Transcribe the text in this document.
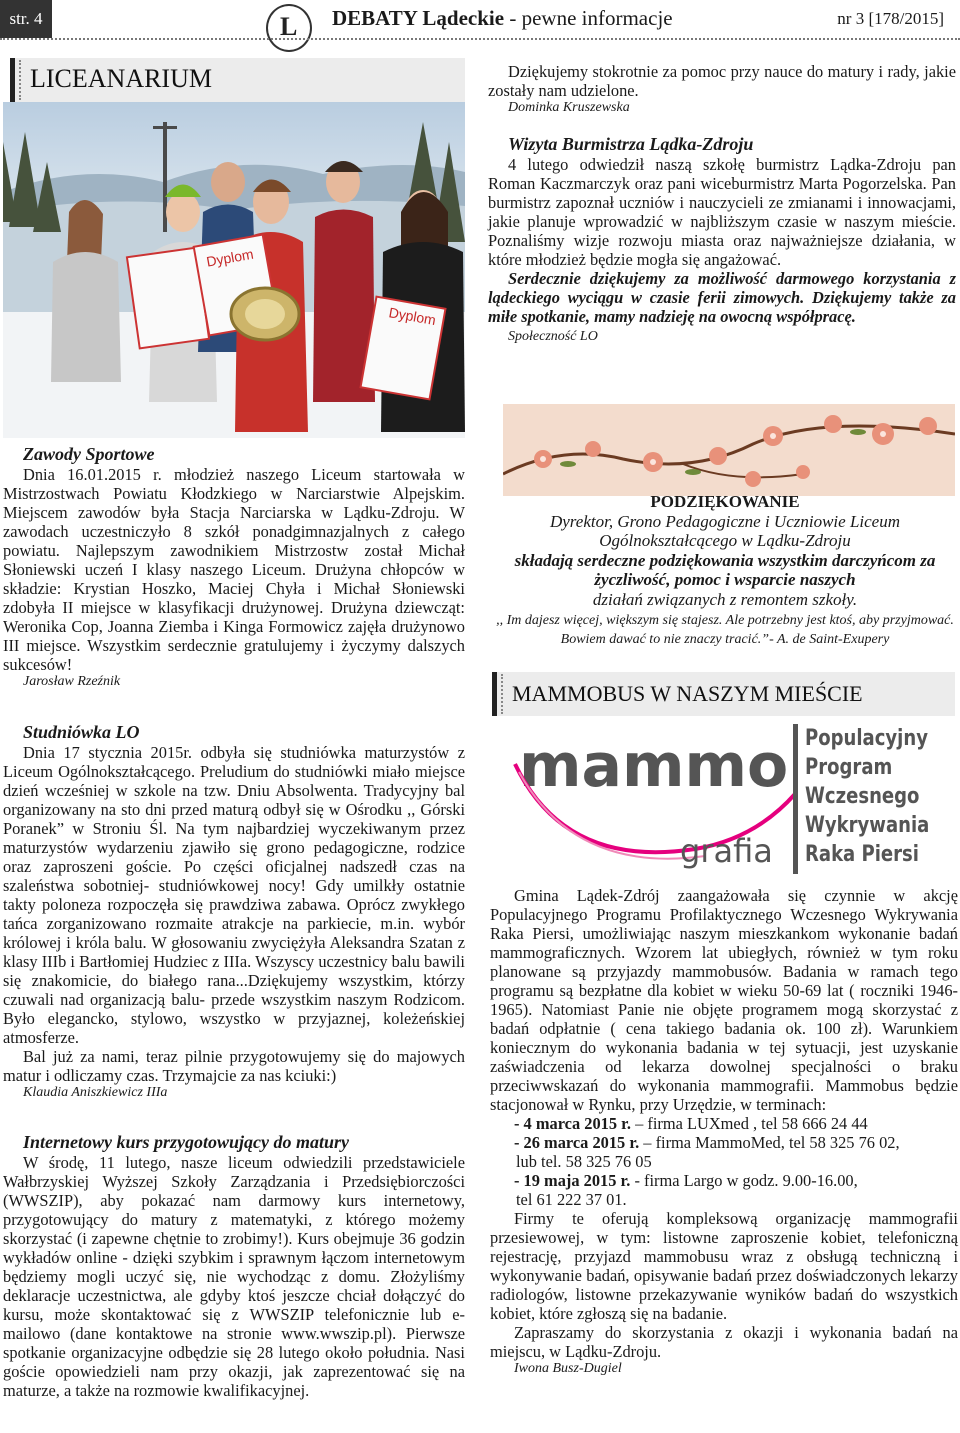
str. 4
L	DEBATY Lądeckie - pewne informacje	nr 3 [178/2015]
LICEANARIUM
Dyplom
Dyplom

Dziękujemy stokrotnie za pomoc przy nauce do matury i rady, jakie zostały nam udzielone.

Dominka Kruszewska

Wizyta Burmistrza Lądka-Zdroju

4 lutego odwiedził naszą szkołę burmistrz Lądka-Zdroju pan Roman Kaczmarczyk oraz pani wiceburmistrz Marta Pogorzelska. Pan burmistrz zapoznał uczniów i nauczycieli ze zmianami i innowacjami, jakie planuje wprowadzić w najbliższym czasie w naszym mieście. Poznaliśmy wizje rozwoju miasta oraz najważniejsze działania, w które młodzież będzie mogła się angażować.

Serdecznie dziękujemy za możliwość darmowego korzystania z lądeckiego wyciągu w czasie ferii zimowych. Dziękujemy także za miłe spotkanie, mamy nadzieję na owocną współpracę.

Społeczność LO

Zawody Sportowe

Dnia 16.01.2015 r. młodzież naszego Liceum startowała w Mistrzostwach Powiatu Kłodzkiego w Narciarstwie Alpejskim. Miejscem zawodów była Stacja Narciarska w Lądku-Zdroju. W zawodach uczestniczyło 8 szkół ponadgimnazjalnych z całego powiatu. Najlepszym zawodnikiem Mistrzostw został Michał Słoniewski uczeń I klasy naszego Liceum. Drużyna chłopców w składzie: Krystian Hoszko, Maciej Chyła i Michał Słoniewski zdobyła II miejsce w klasyfikacji drużynowej. Drużyna dziewcząt: Weronika Cop, Joanna Ziemba i Kinga Formowicz zajęła drużynowo III miejsce. Wszystkim serdecznie gratulujemy i życzymy dalszych sukcesów!

Jarosław Rzeźnik

Studniówka LO

Dnia 17 stycznia 2015r. odbyła się studniówka maturzystów z Liceum Ogólnokształcącego. Preludium do studniówki miało miejsce dzień wcześniej w szkole na tzw. Dniu Absolwenta. Tradycyjny bal organizowany na sto dni przed maturą odbył się w Ośrodku ,, Górski Poranek” w Stroniu Śl. Na tym najbardziej wyczekiwanym przez maturzystów wydarzeniu zjawiło się grono pedagogiczne, rodzice oraz zaproszeni goście. Po części oficjalnej nadszedł czas na szaleństwa sobotniej- studniówkowej nocy! Gdy umilkły ostatnie takty poloneza rozpoczęła się prawdziwa zabawa. Oprócz zwykłego tańca zorganizowano rozmaite atrakcje na parkiecie, m.in. wybór królowej i króla balu. W głosowaniu zwyciężyła Aleksandra Szatan z klasy IIIb i Bartłomiej Hudziec z IIIa. Wszyscy uczestnicy balu bawili się znakomicie, do białego rana...Dziękujemy wszystkim, którzy czuwali nad organizacją balu- przede wszystkim naszym Rodzicom. Było elegancko, stylowo, wszystko w przyjaznej, koleżeńskiej atmosferze.

Bal już za nami, teraz pilnie przygotowujemy się do majowych matur i odliczamy czas. Trzymajcie za nas kciuki:)

Klaudia Aniszkiewicz IIIa

Internetowy kurs przygotowujący do matury

W środę, 11 lutego, nasze liceum odwiedzili przedstawiciele Wałbrzyskiej Wyższej Szkoły Zarządzania i Przedsiębiorczości (WWSZIP), aby pokazać nam darmowy kurs internetowy, przygotowujący do matury z matematyki, z którego możemy skorzystać (i zapewne chętnie to zrobimy!). Kurs obejmuje 36 godzin wykładów online - dzięki szybkim i sprawnym łączom internetowym będziemy mogli uczyć się, nie wychodząc z domu. Złożyliśmy deklaracje uczestnictwa, ale gdyby ktoś jeszcze chciał dołączyć do kursu, może skontaktować się z WWSZIP telefonicznie lub e-mailowo (dane kontaktowe na stronie www.wwszip.pl). Pierwsze spotkanie organizacyjne odbędzie się 28 lutego około południa. Nasi goście opowiedzieli nam przy okazji, jak zaprezentować się na maturze, a także na rozmowie kwalifikacyjnej.

PODZIĘKOWANIE

Dyrektor, Grono Pedagogiczne i Uczniowie Liceum Ogólnokształcącego w Lądku-Zdroju

składają serdeczne podziękowania wszystkim darczyńcom za życzliwość, pomoc i wsparcie naszych

działań związanych z remontem szkoły.

,, Im dajesz więcej, większym się stajesz. Ale potrzebny jest ktoś, aby przyjmować. Bowiem dawać to nie znaczy tracić.”- A. de Saint-Exupery

MAMMOBUS W NASZYM MIEŚCIE
mammo
grafia
Populacyjny
Program
Wczesnego
Wykrywania
Raka Piersi

Gmina Lądek-Zdrój zaangażowała się czynnie w akcję Populacyjnego Programu Profilaktycznego Wczesnego Wykrywania Raka Piersi, umożliwiając naszym mieszkankom wykonanie badań mammograficznych. Wzorem lat ubiegłych, również w tym roku planowane są przyjazdy mammobusów. Badania w ramach tego programu są bezpłatne dla kobiet w wieku 50-69 lat ( roczniki 1946-1965). Natomiast Panie nie objęte programem mogą skorzystać z badań odpłatnie ( cena takiego badania ok. 100 zł). Warunkiem koniecznym do wykonania badania w tej sytuacji, jest uzyskanie zaświadczenia od lekarza dowolnej specjalności o braku przeciwwskazań do wykonania mammografii. Mammobus będzie stacjonował w Rynku, przy Urzędzie, w terminach:

- 4 marca 2015 r. – firma LUXmed , tel 58 666 24 44
- 26 marca 2015 r. – firma MammoMed, tel 58 325 76 02,
lub tel. 58 325 76 05
- 19 maja 2015 r. - firma Largo w godz. 9.00-16.00,
tel 61 222 37 01.

Firmy te oferują kompleksową organizację mammografii przesiewowej, w tym: listowne zaproszenie kobiet, telefoniczną rejestrację, przyjazd mammobusu wraz z obsługą techniczną i wykonywanie badań, opisywanie badań przez doświadczonych lekarzy radiologów, listowne przekazywanie wyników badań do wszystkich kobiet, które zgłoszą się na badanie.

Zapraszamy do skorzystania z okazji i wykonania badań na miejscu, w Lądku-Zdroju.

Iwona Busz-Dugiel
